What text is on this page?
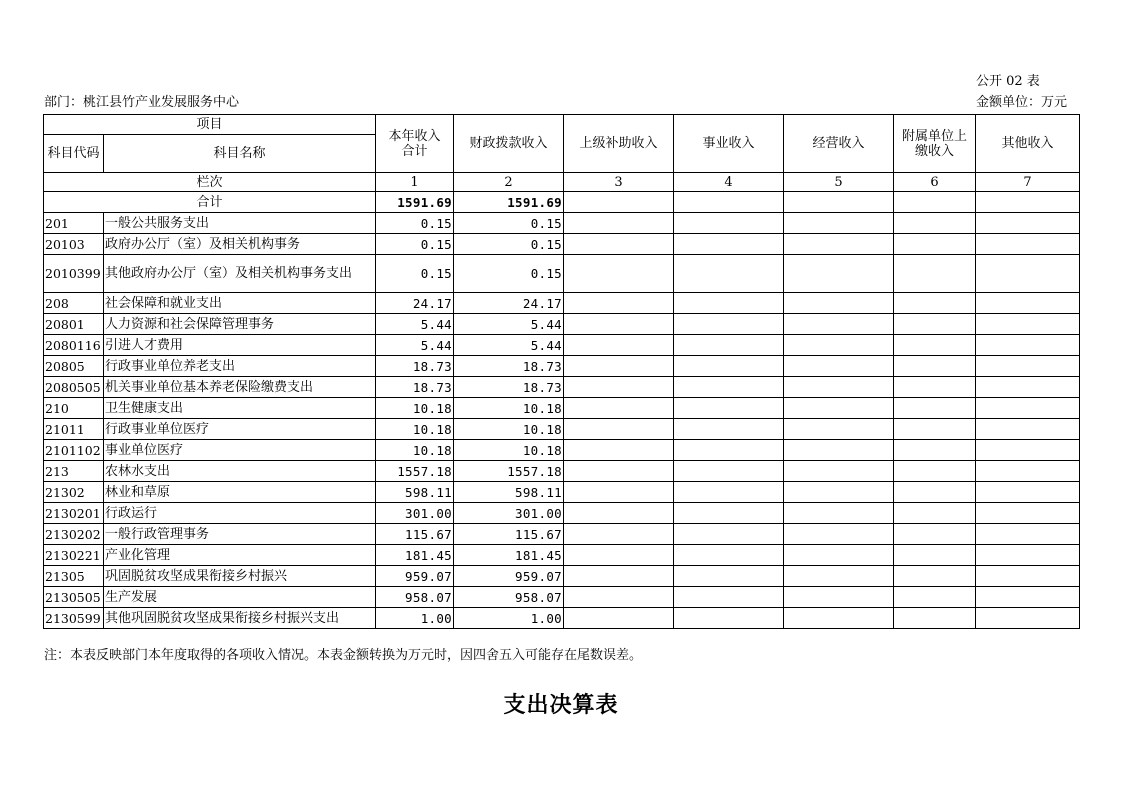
公开 02 表
部门：桃江县竹产业发展服务中心	金额单位：万元
项目		本年收入合计	财政拨款收入	上级补助收入	事业收入	经营收入	附属单位上缴收入	其他收入
科目代码	科目名称							
栏次		1	2	3	4	5	6	7
合计		1591.69	1591.69					
201	一般公共服务支出	0.15	0.15					
20103	政府办公厅（室）及相关机构事务	0.15	0.15					
2010399	其他政府办公厅（室）及相关机构事务支出	0.15	0.15					
208	社会保障和就业支出	24.17	24.17					
20801	人力资源和社会保障管理事务	5.44	5.44					
2080116	引进人才费用	5.44	5.44					
20805	行政事业单位养老支出	18.73	18.73					
2080505	机关事业单位基本养老保险缴费支出	18.73	18.73					
210	卫生健康支出	10.18	10.18					
21011	行政事业单位医疗	10.18	10.18					
2101102	事业单位医疗	10.18	10.18					
213	农林水支出	1557.18	1557.18					
21302	林业和草原	598.11	598.11					
2130201	行政运行	301.00	301.00					
2130202	一般行政管理事务	115.67	115.67					
2130221	产业化管理	181.45	181.45					
21305	巩固脱贫攻坚成果衔接乡村振兴	959.07	959.07					
2130505	生产发展	958.07	958.07					
2130599	其他巩固脱贫攻坚成果衔接乡村振兴支出	1.00	1.00					
注：本表反映部门本年度取得的各项收入情况。本表金额转换为万元时，因四舍五入可能存在尾数误差。
支出决算表
